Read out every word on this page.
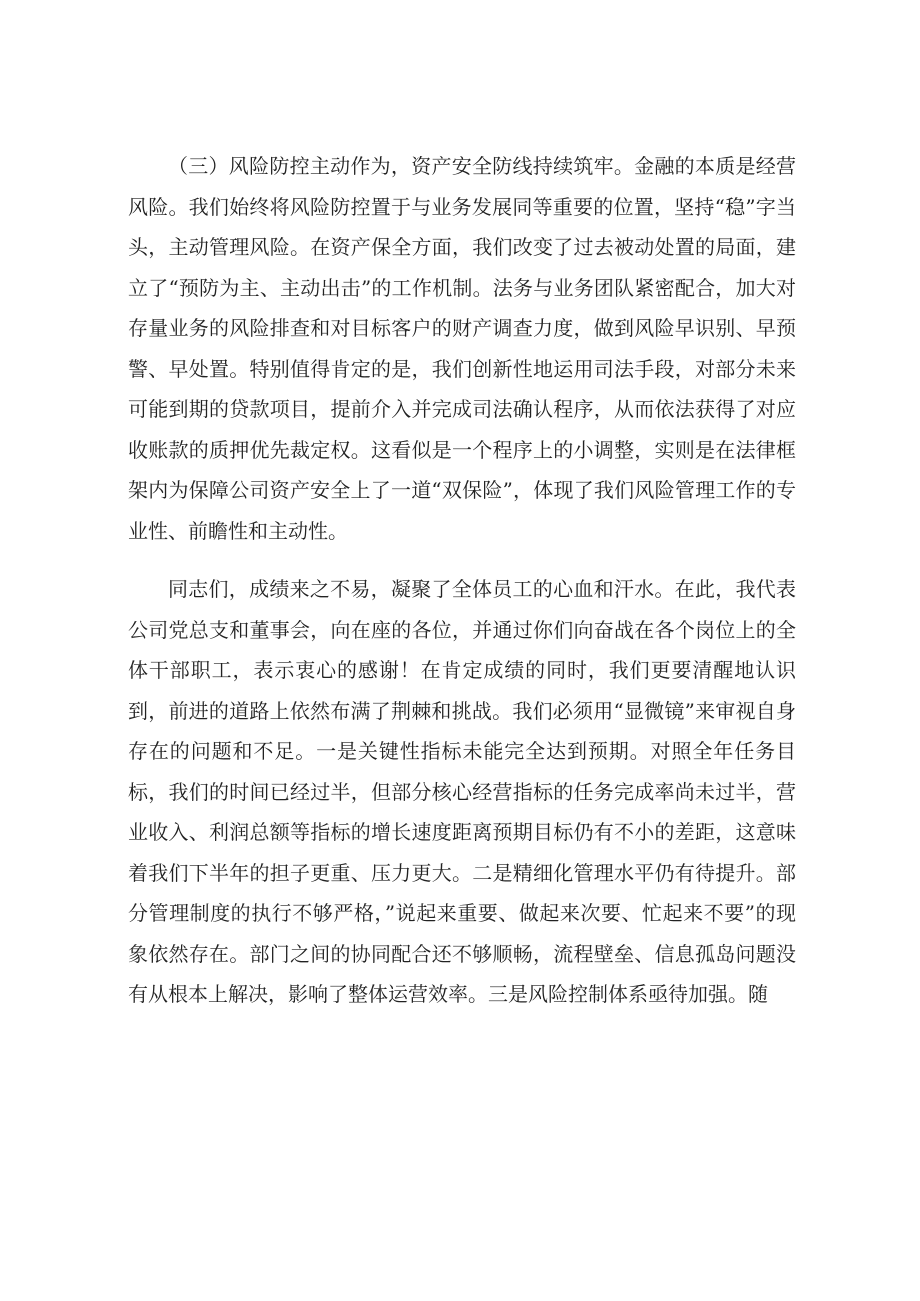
（三）风险防控主动作为，资产安全防线持续筑牢。金融的本质是经营风险。我们始终将风险防控置于与业务发展同等重要的位置，坚持“稳”字当头，主动管理风险。在资产保全方面，我们改变了过去被动处置的局面，建立了“预防为主、主动出击”的工作机制。法务与业务团队紧密配合，加大对存量业务的风险排查和对目标客户的财产调查力度，做到风险早识别、早预警、早处置。特别值得肯定的是，我们创新性地运用司法手段，对部分未来可能到期的贷款项目，提前介入并完成司法确认程序，从而依法获得了对应收账款的质押优先裁定权。这看似是一个程序上的小调整，实则是在法律框架内为保障公司资产安全上了一道“双保险”，体现了我们风险管理工作的专业性、前瞻性和主动性。

同志们，成绩来之不易，凝聚了全体员工的心血和汗水。在此，我代表公司党总支和董事会，向在座的各位，并通过你们向奋战在各个岗位上的全体干部职工，表示衷心的感谢！在肯定成绩的同时，我们更要清醒地认识到，前进的道路上依然布满了荆棘和挑战。我们必须用“显微镜”来审视自身存在的问题和不足。一是关键性指标未能完全达到预期。对照全年任务目标，我们的时间已经过半，但部分核心经营指标的任务完成率尚未过半，营业收入、利润总额等指标的增长速度距离预期目标仍有不小的差距，这意味着我们下半年的担子更重、压力更大。二是精细化管理水平仍有待提升。部分管理制度的执行不够严格，”说起来重要、做起来次要、忙起来不要”的现象依然存在。部门之间的协同配合还不够顺畅，流程壁垒、信息孤岛问题没有从根本上解决，影响了整体运营效率。三是风险控制体系亟待加强。随
